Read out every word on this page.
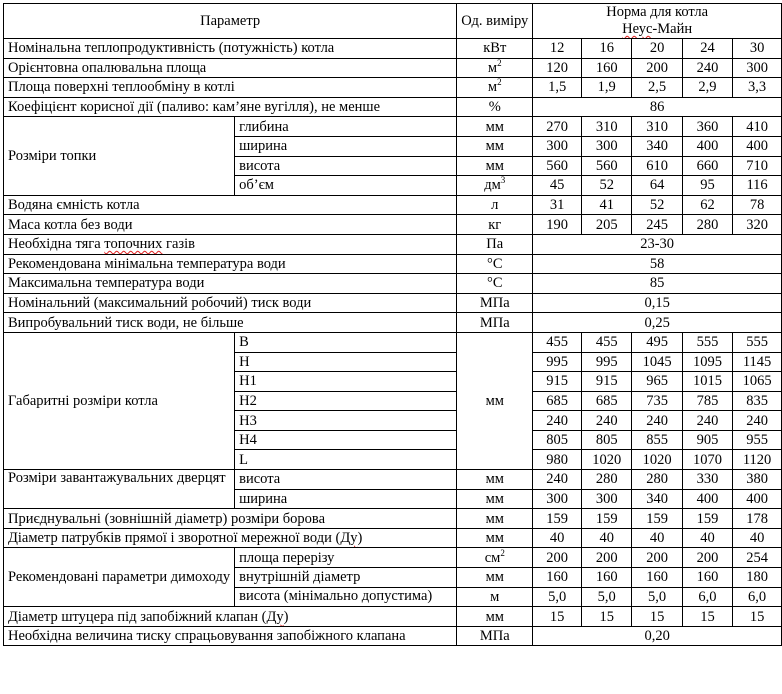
Параметр		Од. виміру	Норма для котла
Неус-Майн				

Номінальна теплопродуктивність (потужність) котла		кВт	12	16	20	24	30
Орієнтовна опалювальна площа		$м^2$	120	160	200	240	300
Площа поверхні теплообміну в котлі		$м^2$	1,5	1,9	2,5	2,9	3,3
Коефіцієнт корисної дії (паливо: кам’яне вугілля), не менше		%	86				
Розміри топки	глибина	мм	270	310	310	360	410
	ширина	мм	300	300	340	400	400
	висота	мм	560	560	610	660	710
	об’єм	$дм^3$	45	52	64	95	116
Водяна ємність котла		л	31	41	52	62	78
Маса котла без води		кг	190	205	245	280	320
Необхідна тяга топочних газів		Па	23-30				
Рекомендована мінімальна температура води		°С	58				
Максимальна температура води		°С	85				
Номінальний (максимальний робочий) тиск води		МПа	0,15				
Випробувальний тиск води, не більше		МПа	0,25				
Габаритні розміри котла	B	мм	455	455	495	555	555
	H		995	995	1045	1095	1145
	H1		915	915	965	1015	1065
	H2		685	685	735	785	835
	H3		240	240	240	240	240
	H4		805	805	855	905	955
	L		980	1020	1020	1070	1120
Розміри завантажувальних дверцят	висота	мм	240	280	280	330	380
	ширина	мм	300	300	340	400	400
Приєднувальні (зовнішній діаметр) розміри борова		мм	159	159	159	159	178
Діаметр патрубків прямої і зворотної мережної води (Ду)		мм	40	40	40	40	40
Рекомендовані параметри димоходу	площа перерізу	$см^2$	200	200	200	200	254
	внутрішній діаметр	мм	160	160	160	160	180
	висота (мінімально допустима)	м	5,0	5,0	5,0	6,0	6,0
Діаметр штуцера під запобіжний клапан (Ду)		мм	15	15	15	15	15
Необхідна величина тиску спрацьовування запобіжного клапана		МПа	0,20				
